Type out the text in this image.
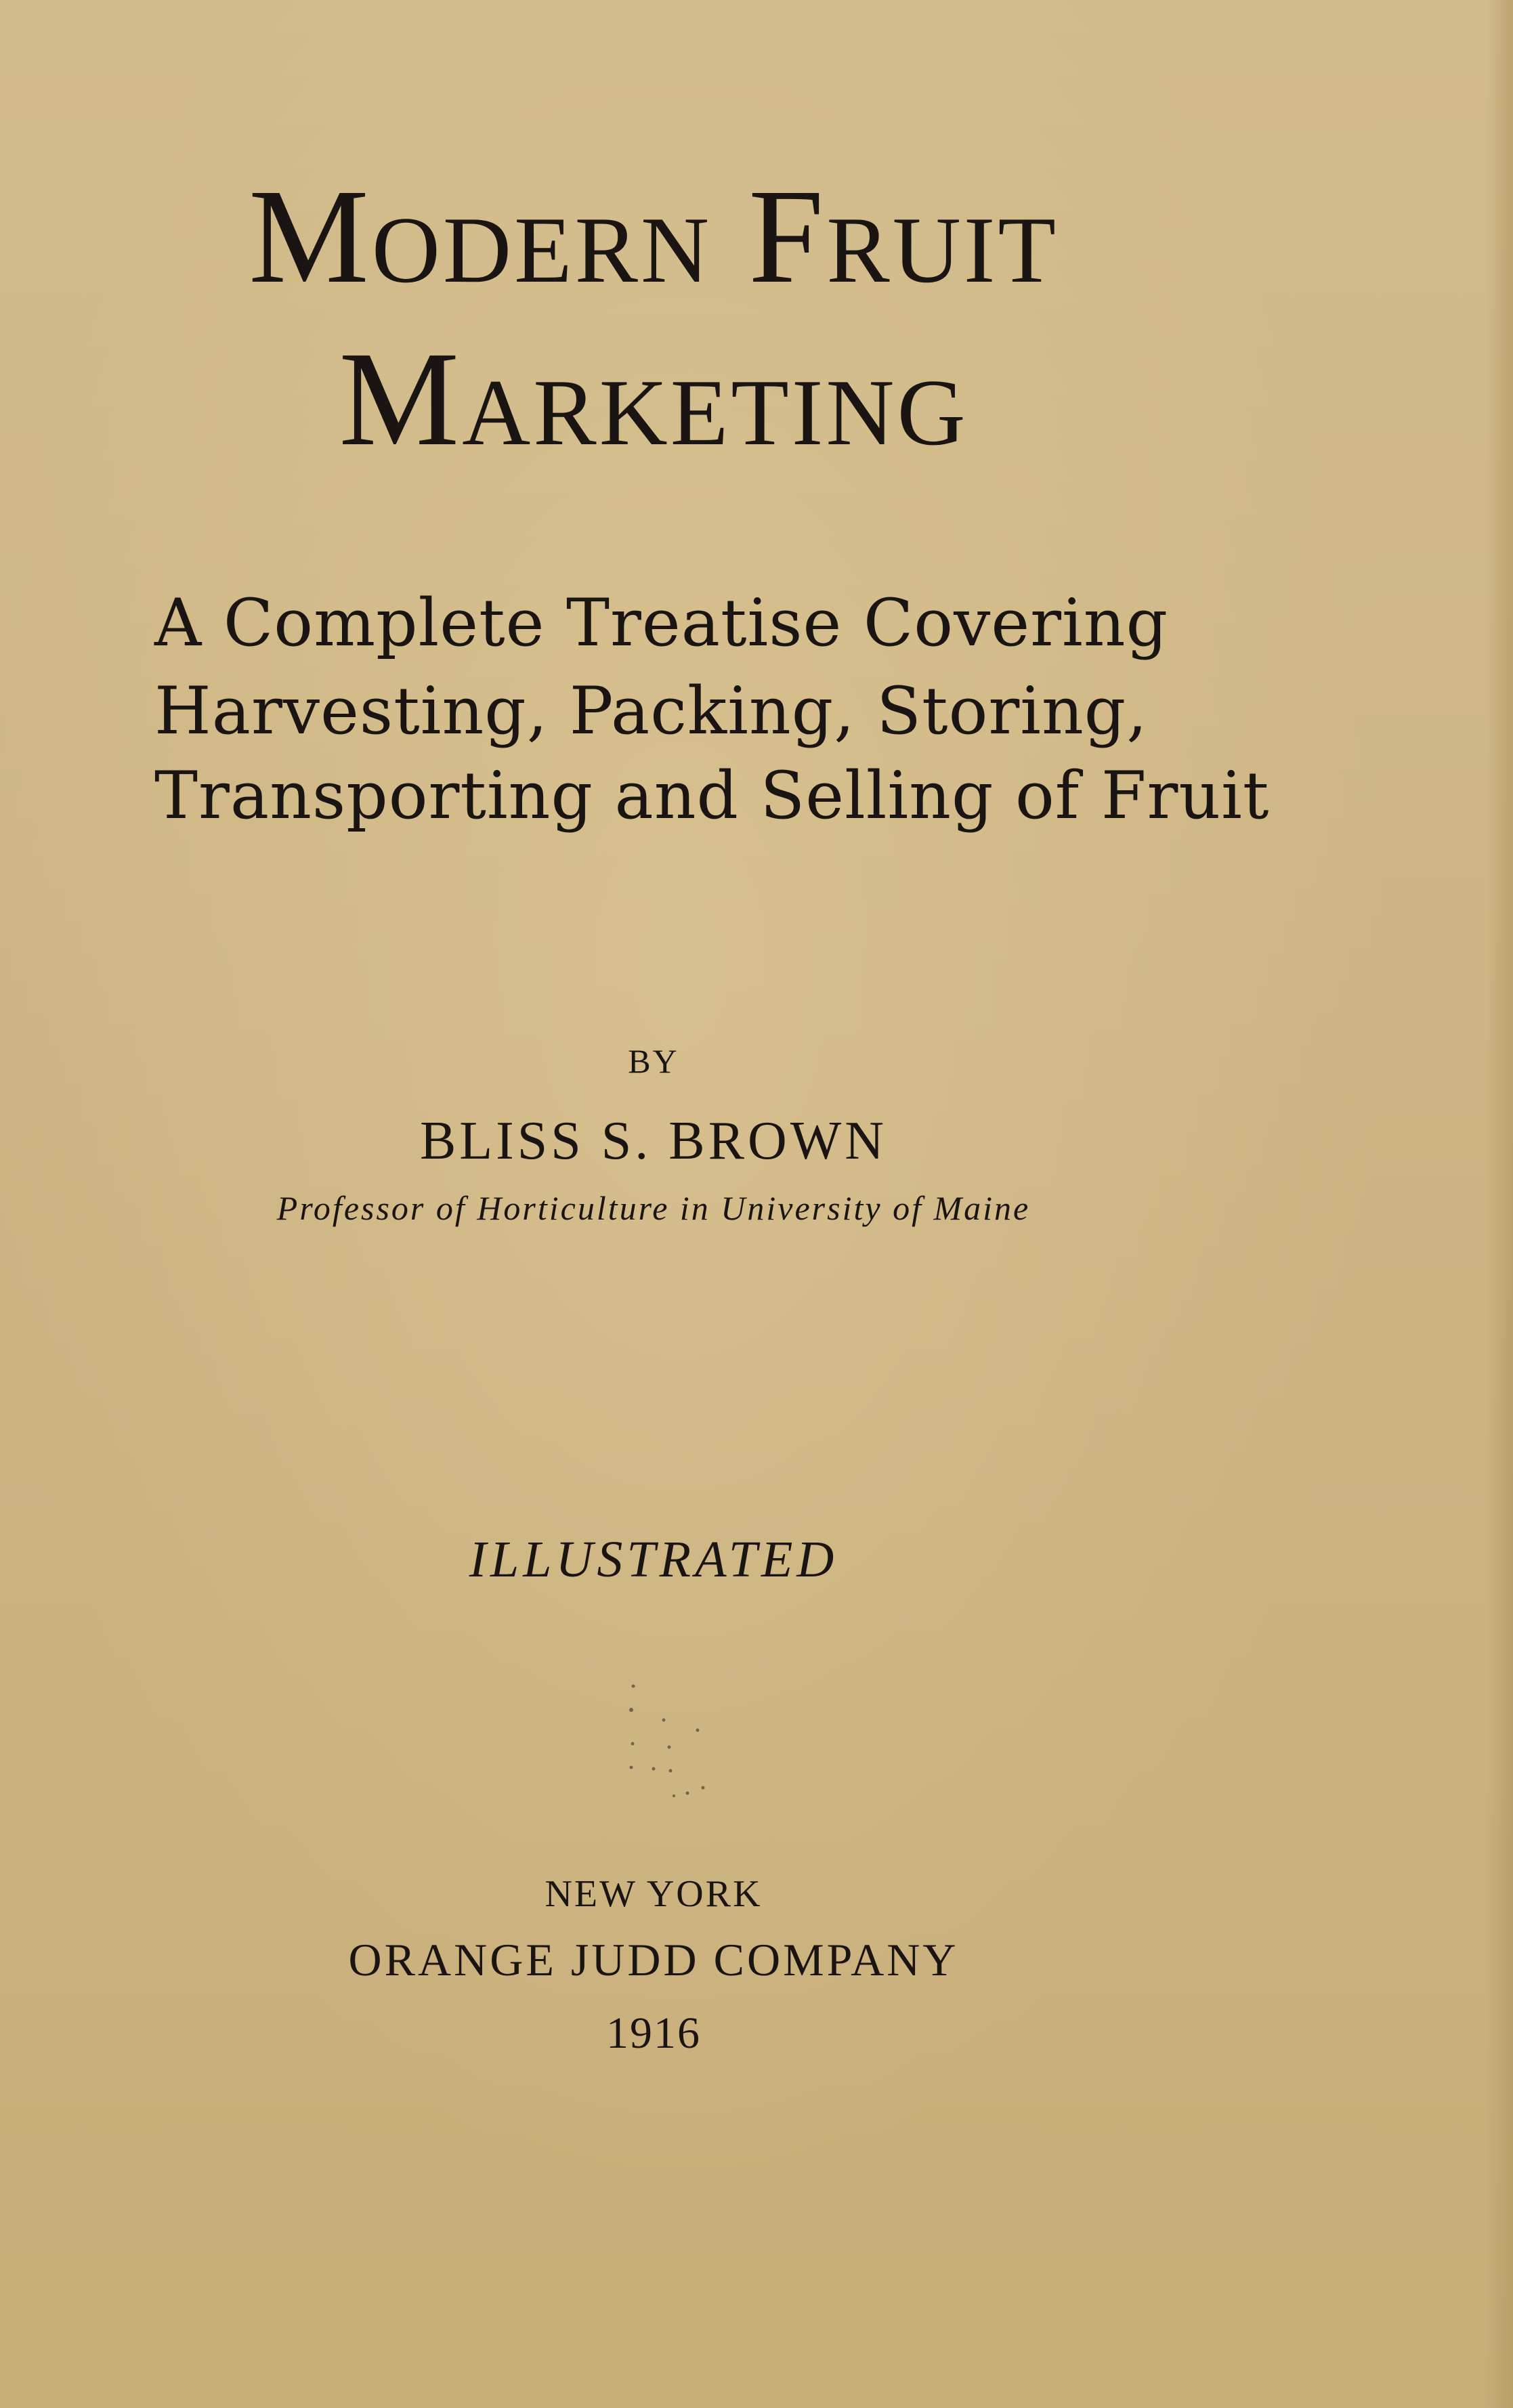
Modern Fruit
Marketing
A Complete Treatise Covering
Harvesting, Packing, Storing,
Transporting and Selling of Fruit
BY
BLISS S. BROWN
Professor of Horticulture in University of Maine
ILLUSTRATED
NEW YORK
ORANGE JUDD COMPANY
1916
